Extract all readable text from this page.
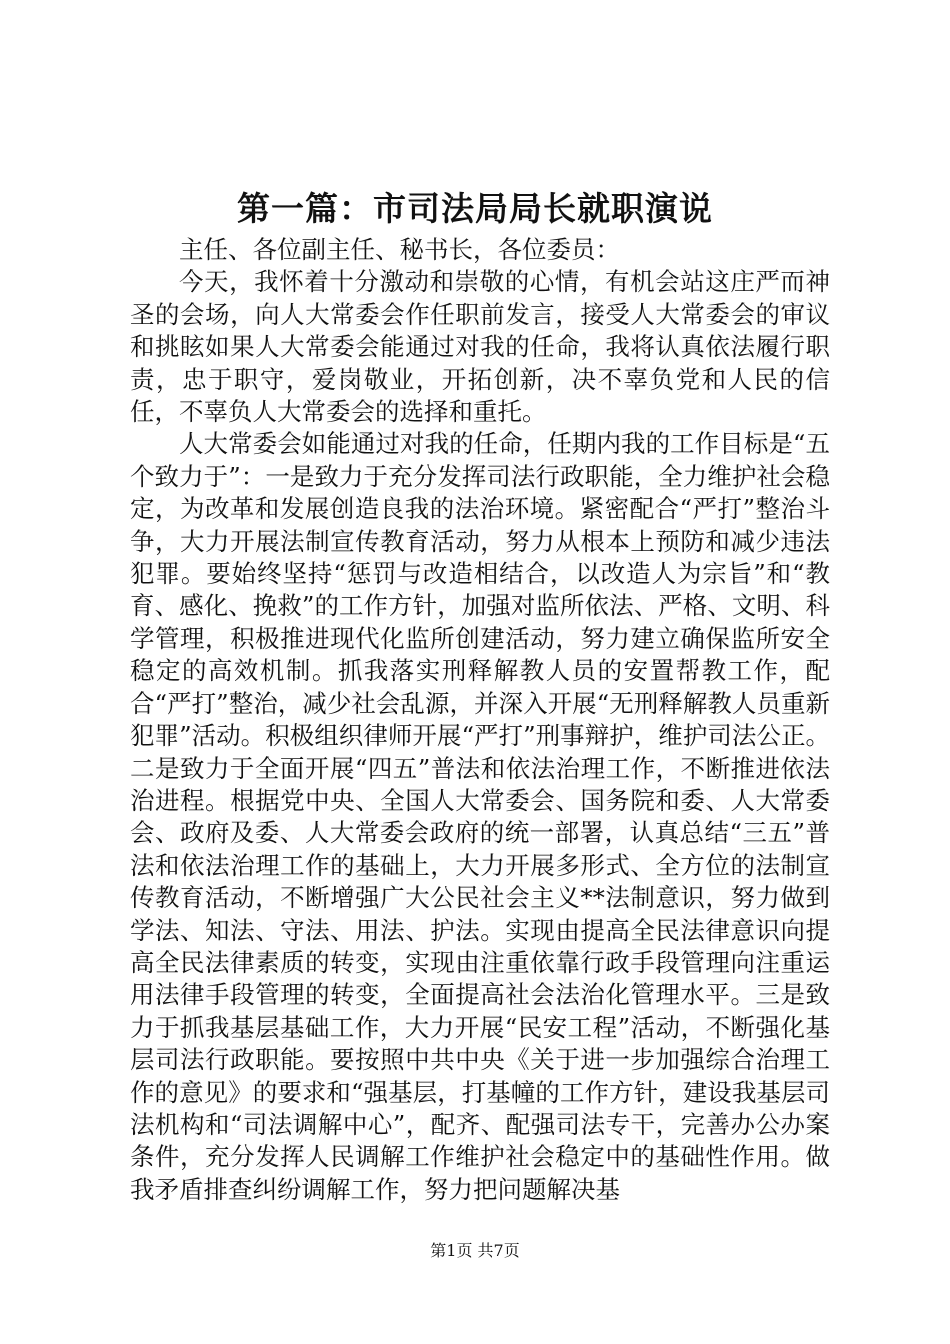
第一篇：市司法局局长就职演说

主任、各位副主任、秘书长，各位委员：

今天，我怀着十分激动和崇敬的心情，有机会站这庄严而神圣的会场，向人大常委会作任职前发言，接受人大常委会的审议和挑眩如果人大常委会能通过对我的任命，我将认真依法履行职责，忠于职守，爱岗敬业，开拓创新，决不辜负党和人民的信任，不辜负人大常委会的选择和重托。

人大常委会如能通过对我的任命，任期内我的工作目标是“五个致力于”：一是致力于充分发挥司法行政职能，全力维护社会稳定，为改革和发展创造良我的法治环境。紧密配合“严打”整治斗争，大力开展法制宣传教育活动，努力从根本上预防和减少违法犯罪。要始终坚持“惩罚与改造相结合，以改造人为宗旨”和“教育、感化、挽救”的工作方针，加强对监所依法、严格、文明、科学管理，积极推进现代化监所创建活动，努力建立确保监所安全稳定的高效机制。抓我落实刑释解教人员的安置帮教工作，配合“严打”整治，减少社会乱源，并深入开展“无刑释解教人员重新犯罪”活动。积极组织律师开展“严打”刑事辩护，维护司法公正。二是致力于全面开展“四五”普法和依法治理工作，不断推进依法治进程。根据党中央、全国人大常委会、国务院和委、人大常委会、政府及委、人大常委会政府的统一部署，认真总结“三五”普法和依法治理工作的基础上，大力开展多形式、全方位的法制宣传教育活动，不断增强广大公民社会主义**法制意识，努力做到学法、知法、守法、用法、护法。实现由提高全民法律意识向提高全民法律素质的转变，实现由注重依靠行政手段管理向注重运用法律手段管理的转变，全面提高社会法治化管理水平。三是致力于抓我基层基础工作，大力开展“民安工程”活动，不断强化基层司法行政职能。要按照中共中央《关于进一步加强综合治理工作的意见》的要求和“强基层，打基幢的工作方针，建设我基层司法机构和“司法调解中心”，配齐、配强司法专干，完善办公办案条件，充分发挥人民调解工作维护社会稳定中的基础性作用。做我矛盾排查纠纷调解工作，努力把问题解决基

第1页 共7页
